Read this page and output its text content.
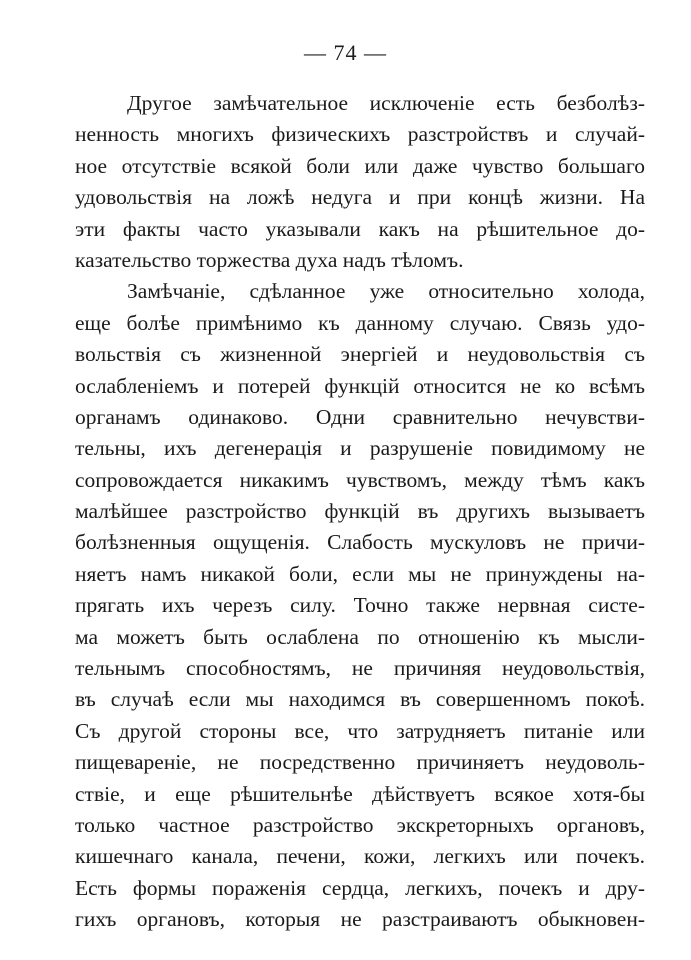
— 74 —
Другое замѣчательное исключеніе есть безболѣз-
ненность многихъ физическихъ разстройствъ и случай-
ное отсутствіе всякой боли или даже чувство большаго
удовольствія на ложѣ недуга и при концѣ жизни. На
эти факты часто указывали какъ на рѣшительное до-
казательство торжества духа надъ тѣломъ.
Замѣчаніе, сдѣланное уже относительно холода,
еще болѣе примѣнимо къ данному случаю. Связь удо-
вольствія съ жизненной энергіей и неудовольствія съ
ослабленіемъ и потерей функцій относится не ко всѣмъ
органамъ одинаково. Одни сравнительно нечувстви-
тельны, ихъ дегенерація и разрушеніе повидимому не
сопровождается никакимъ чувствомъ, между тѣмъ какъ
малѣйшее разстройство функцій въ другихъ вызываетъ
болѣзненныя ощущенія. Слабость мускуловъ не причи-
няетъ намъ никакой боли, если мы не принуждены на-
прягать ихъ черезъ силу. Точно также нервная систе-
ма можетъ быть ослаблена по отношенію къ мысли-
тельнымъ способностямъ, не причиняя неудовольствія,
въ случаѣ если мы находимся въ совершенномъ покоѣ.
Съ другой стороны все, что затрудняетъ питаніе или
пищевареніе, не посредственно причиняетъ неудоволь-
ствіе, и еще рѣшительнѣе дѣйствуетъ всякое хотя-бы
только частное разстройство экскреторныхъ органовъ,
кишечнаго канала, печени, кожи, легкихъ или почекъ.
Есть формы пораженія сердца, легкихъ, почекъ и дру-
гихъ органовъ, которыя не разстраиваютъ обыкновен-
